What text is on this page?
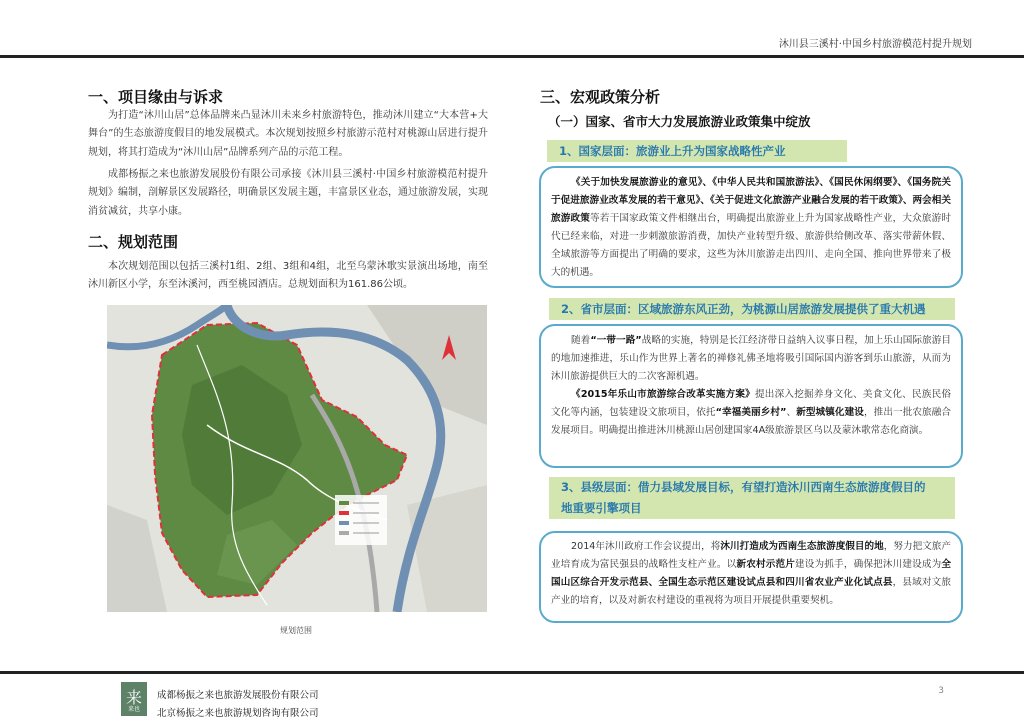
沐川县三溪村·中国乡村旅游模范村提升规划
一、项目缘由与诉求
为打造“沐川山居”总体品牌来凸显沐川未来乡村旅游特色，推动沐川建立“大本营+大舞台”的生态旅游度假目的地发展模式。本次规划按照乡村旅游示范村对桃源山居进行提升规划，将其打造成为“沐川山居”品牌系列产品的示范工程。
成都杨振之来也旅游发展股份有限公司承接《沐川县三溪村·中国乡村旅游模范村提升规划》编制，剖解景区发展路径，明确景区发展主题，丰富景区业态，通过旅游发展，实现消贫减贫，共享小康。
二、规划范围
本次规划范围以包括三溪村1组、2组、3组和4组，北至乌蒙沐歌实景演出场地，南至沐川新区小学，东至沐溪河，西至桃园酒店。总规划面积为161.86公顷。
规划范围
三、宏观政策分析
（一）国家、省市大力发展旅游业政策集中绽放
1、国家层面：旅游业上升为国家战略性产业

《关于加快发展旅游业的意见》、《中华人民共和国旅游法》、《国民休闲纲要》、《国务院关于促进旅游业改革发展的若干意见》、《关于促进文化旅游产业融合发展的若干政策》、两会相关旅游政策等若干国家政策文件相继出台，明确提出旅游业上升为国家战略性产业，大众旅游时代已经来临，对进一步刺激旅游消费，加快产业转型升级、旅游供给侧改革、落实带薪休假、全域旅游等方面提出了明确的要求，这些为沐川旅游走出四川、走向全国、推向世界带来了极大的机遇。

2、省市层面：区域旅游东风正劲，为桃源山居旅游发展提供了重大机遇

随着“一带一路”战略的实施，特别是长江经济带日益纳入议事日程，加上乐山国际旅游目的地加速推进，乐山作为世界上著名的禅修礼佛圣地将吸引国际国内游客到乐山旅游，从而为沐川旅游提供巨大的二次客源机遇。

《2015年乐山市旅游综合改革实施方案》提出深入挖掘养身文化、美食文化、民族民俗文化等内涵，包装建设文旅项目，依托“幸福美丽乡村”、新型城镇化建设，推出一批农旅融合发展项目。明确提出推进沐川桃源山居创建国家4A级旅游景区乌以及蒙沐歌常态化商演。

3、县级层面：借力县域发展目标，有望打造沐川西南生态旅游度假目的
地重要引擎项目

2014年沐川政府工作会议提出，将沐川打造成为西南生态旅游度假目的地，努力把文旅产业培育成为富民强县的战略性支柱产业。以新农村示范片建设为抓手，确保把沐川建设成为全国山区综合开发示范县、全国生态示范区建设试点县和四川省农业产业化试点县，县域对文旅产业的培育，以及对新农村建设的重视将为项目开展提供重要契机。

来
来也
成都杨振之来也旅游发展股份有限公司
北京杨振之来也旅游规划咨询有限公司
3
